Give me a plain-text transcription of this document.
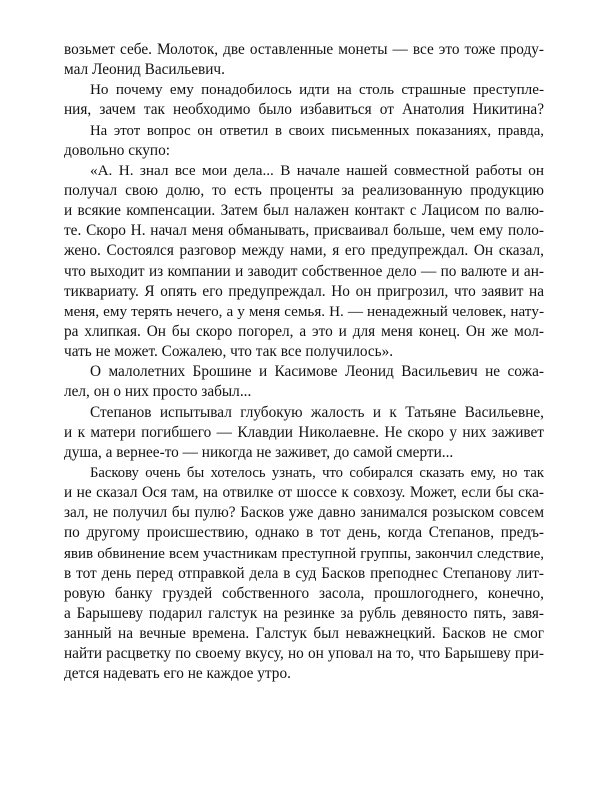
возьмет себе. Молоток, две оставленные монеты — все это тоже проду-
мал Леонид Васильевич.
Но почему ему понадобилось идти на столь страшные преступле-
ния, зачем так необходимо было избавиться от Анатолия Никитина?
На этот вопрос он ответил в своих письменных показаниях, правда,
довольно скупо:
«А. Н. знал все мои дела... В начале нашей совместной работы он
получал свою долю, то есть проценты за реализованную продукцию
и всякие компенсации. Затем был налажен контакт с Лацисом по валю-
те. Скоро Н. начал меня обманывать, присваивал больше, чем ему поло-
жено. Состоялся разговор между нами, я его предупреждал. Он сказал,
что выходит из компании и заводит собственное дело — по валюте и ан-
тиквариату. Я опять его предупреждал. Но он пригрозил, что заявит на
меня, ему терять нечего, а у меня семья. Н. — ненадежный человек, натy-
ра хлипкая. Он бы скоро погорел, а это и для меня конец. Он же мол-
чать не может. Сожалею, что так все получилось».
О малолетних Брошине и Касимове Леонид Васильевич не сожа-
лел, он о них просто забыл...
Степанов испытывал глубокую жалость и к Татьяне Васильевне,
и к матери погибшего — Клавдии Николаевне. Не скоро у них заживет
душа, а вернее-то — никогда не заживет, до самой смерти...
Баскову очень бы хотелось узнать, что собирался сказать ему, но так
и не сказал Ося там, на отвилке от шоссе к совхозу. Может, если бы ска-
зал, не получил бы пулю? Басков уже давно занимался розыском совсем
по другому происшествию, однако в тот день, когда Степанов, предъ-
явив обвинение всем участникам преступной группы, закончил следствие,
в тот день перед отправкой дела в суд Басков преподнес Степанову лит-
ровую банку груздей собственного засола, прошлогоднего, конечно,
а Барышеву подарил галстук на резинке за рубль девяносто пять, завя-
занный на вечные времена. Галстук был неважнецкий. Басков не смог
найти расцветку по своему вкусу, но он уповал на то, что Барышеву при-
дется надевать его не каждое утро.
